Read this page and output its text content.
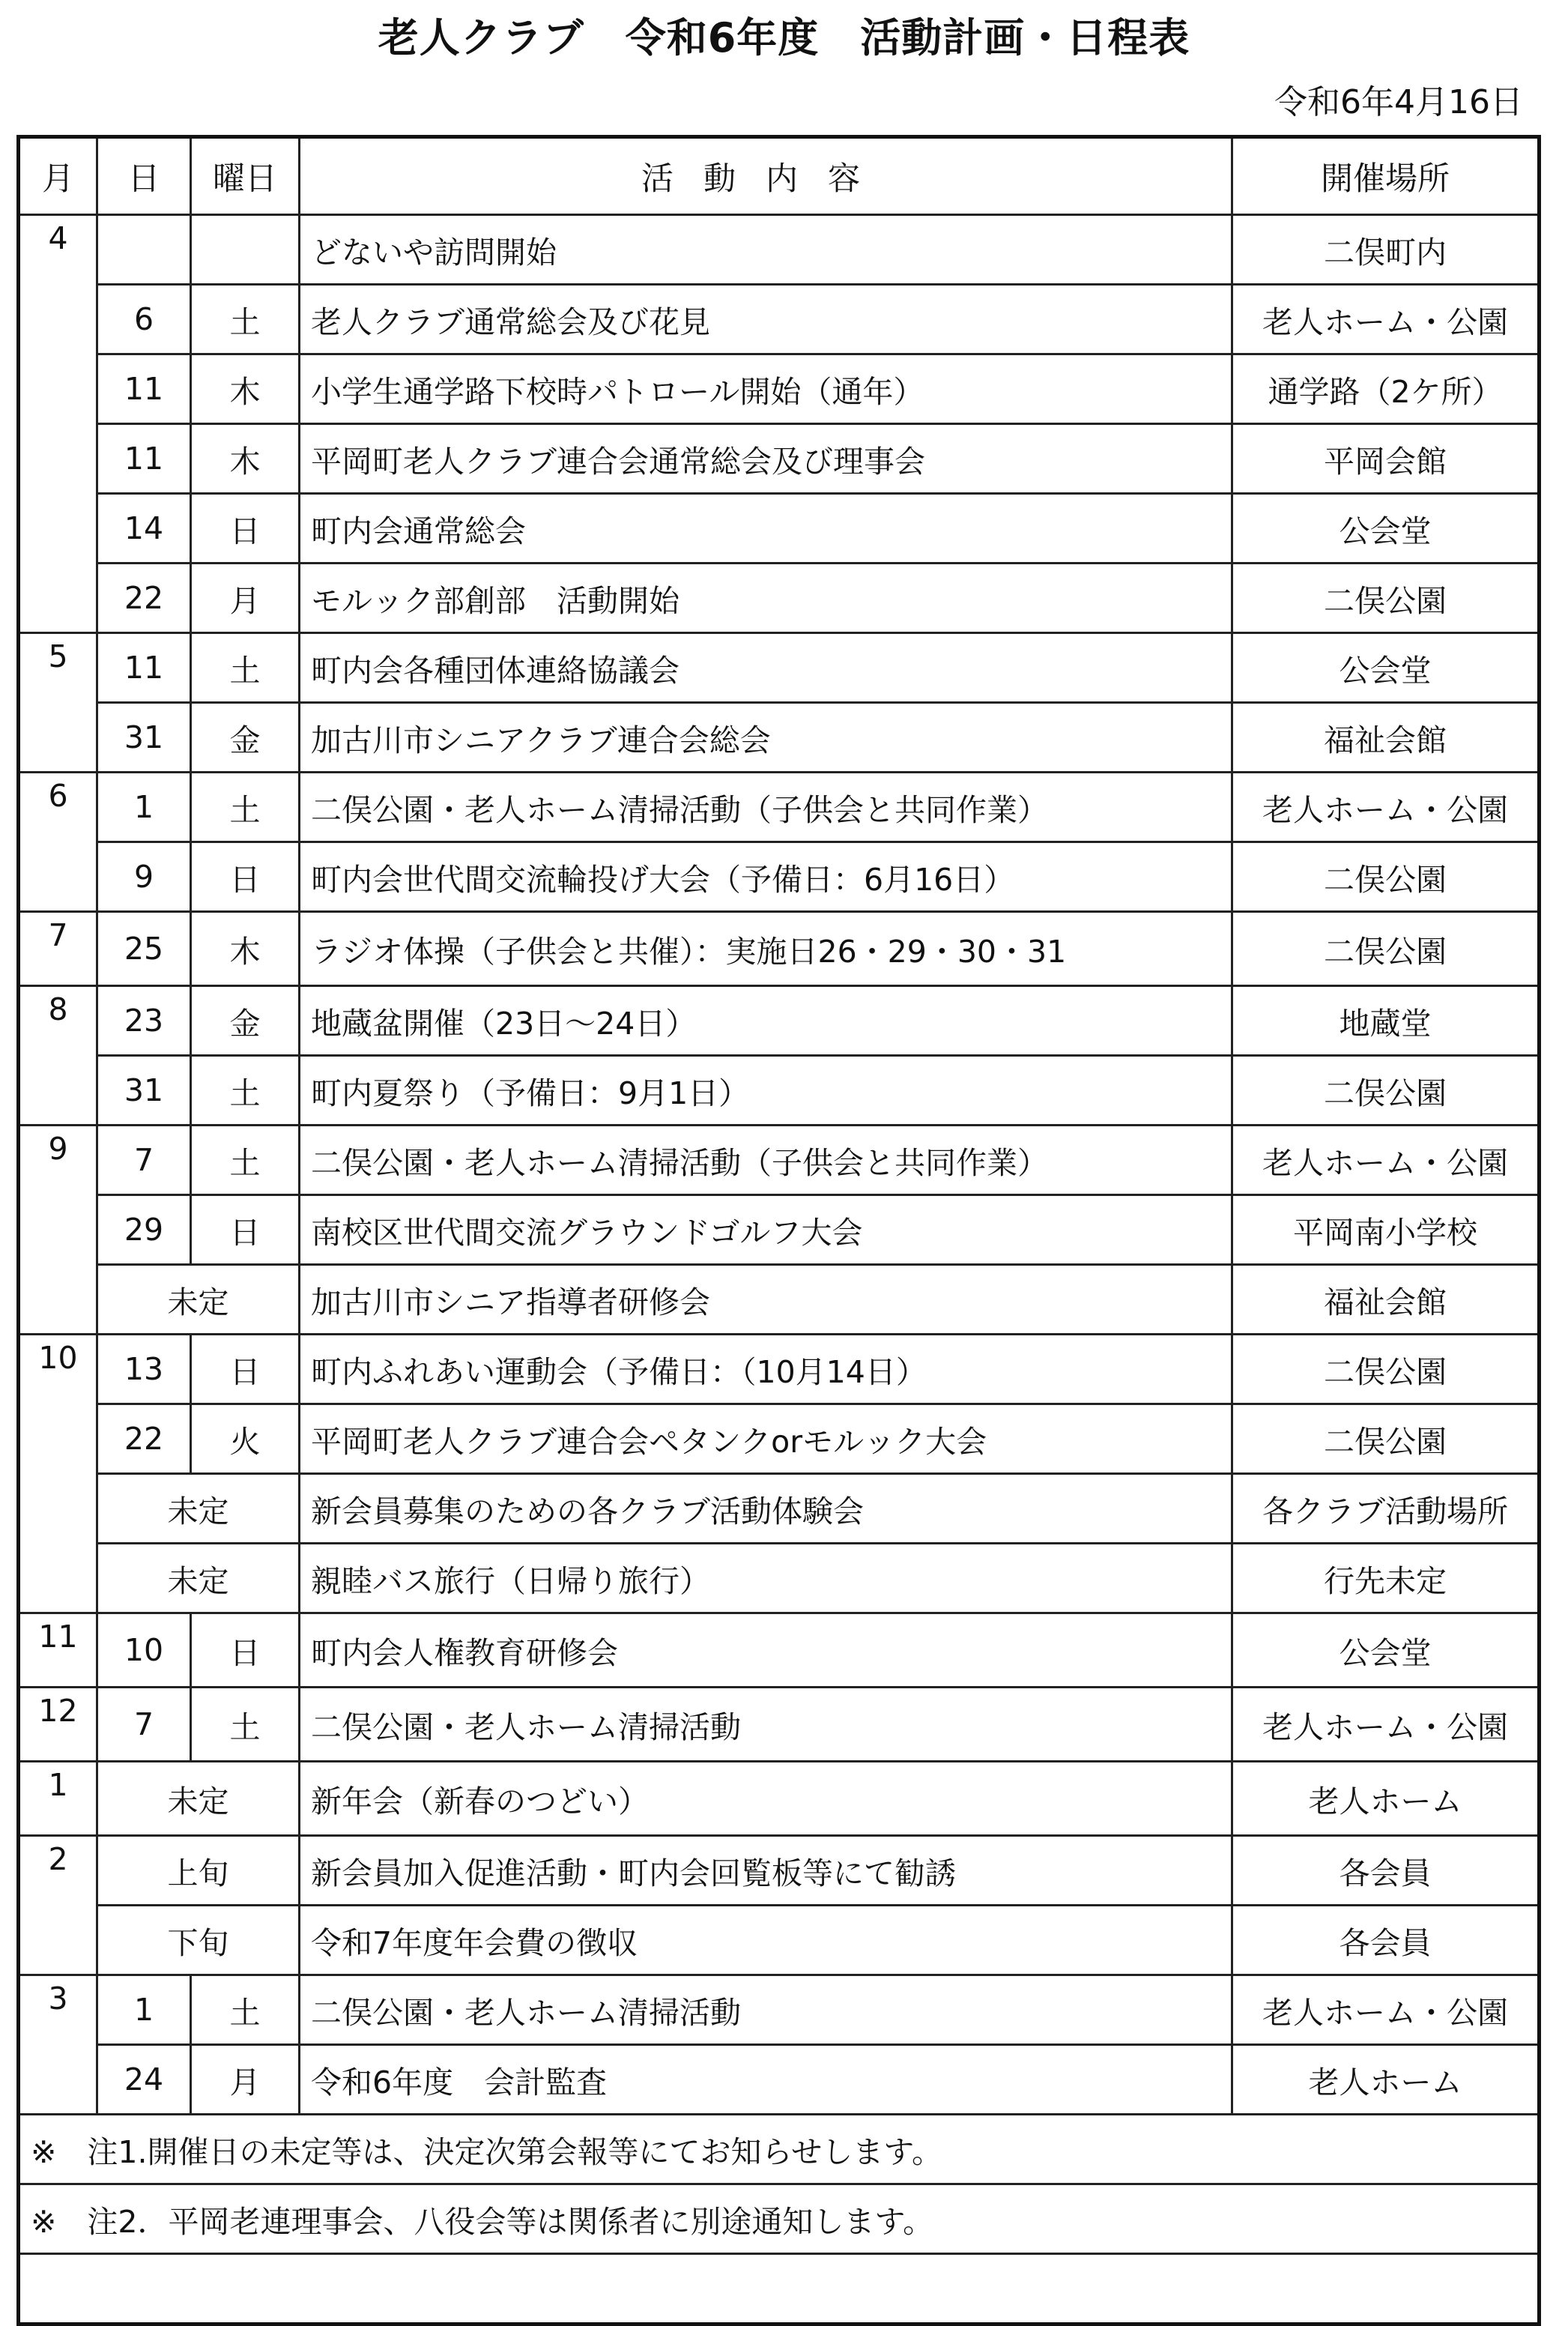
老人クラブ　令和6年度　活動計画・日程表
令和6年4月16日
月	日	曜日	活動内容	開催場所
4			どないや訪問開始	二俣町内
	6	土	老人クラブ通常総会及び花見	老人ホーム・公園
	11	木	小学生通学路下校時パトロール開始（通年）	通学路（2ケ所）
	11	木	平岡町老人クラブ連合会通常総会及び理事会	平岡会館
	14	日	町内会通常総会	公会堂
	22	月	モルック部創部　活動開始	二俣公園
5	11	土	町内会各種団体連絡協議会	公会堂
	31	金	加古川市シニアクラブ連合会総会	福祉会館
6	1	土	二俣公園・老人ホーム清掃活動（子供会と共同作業）	老人ホーム・公園
	9	日	町内会世代間交流輪投げ大会（予備日：6月16日）	二俣公園
7	25	木	ラジオ体操（子供会と共催）：実施日26・29・30・31	二俣公園
8	23	金	地蔵盆開催（23日～24日）	地蔵堂
	31	土	町内夏祭り（予備日：9月1日）	二俣公園
9	7	土	二俣公園・老人ホーム清掃活動（子供会と共同作業）	老人ホーム・公園
	29	日	南校区世代間交流グラウンドゴルフ大会	平岡南小学校
	未定		加古川市シニア指導者研修会	福祉会館
10	13	日	町内ふれあい運動会（予備日：（10月14日）	二俣公園
	22	火	平岡町老人クラブ連合会ペタンクorモルック大会	二俣公園
	未定		新会員募集のための各クラブ活動体験会	各クラブ活動場所
	未定		親睦バス旅行（日帰り旅行）	行先未定
11	10	日	町内会人権教育研修会	公会堂
12	7	土	二俣公園・老人ホーム清掃活動	老人ホーム・公園
1	未定		新年会（新春のつどい）	老人ホーム
2	上旬		新会員加入促進活動・町内会回覧板等にて勧誘	各会員
	下旬		令和7年度年会費の徴収	各会員
3	1	土	二俣公園・老人ホーム清掃活動	老人ホーム・公園
	24	月	令和6年度　会計監査	老人ホーム
※　注1.開催日の未定等は、決定次第会報等にてお知らせします。				
※　注2．平岡老連理事会、八役会等は関係者に別途通知します。				
